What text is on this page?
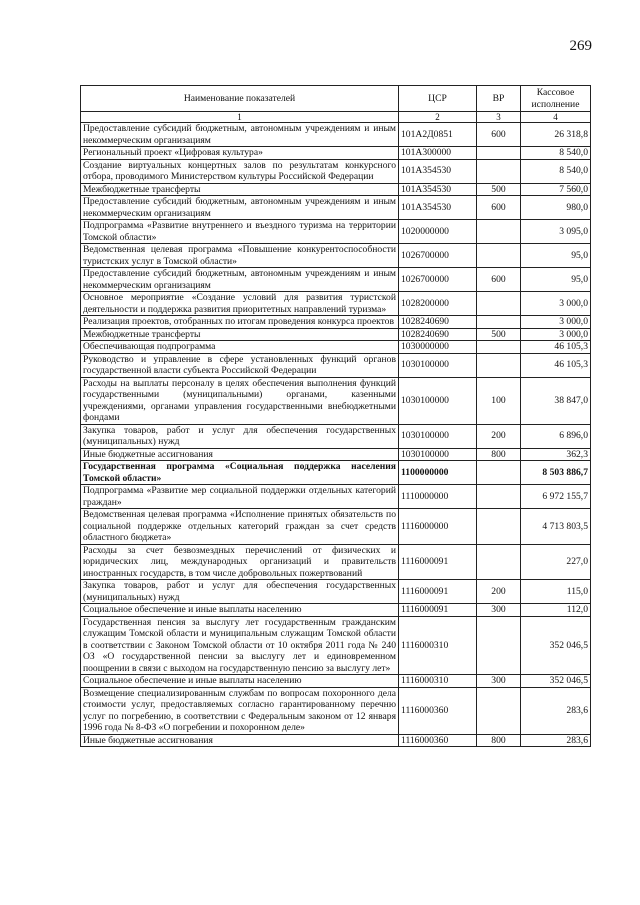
269
Наименование показателей	ЦСР	ВР	Кассовое исполнение
1	2	3	4
Предоставление субсидий бюджетным, автономным учреждениям и иным некоммерческим организациям	101A2Д0851	600	26 318,8
Региональный проект «Цифровая культура»	101A300000		8 540,0
Создание виртуальных концертных залов по результатам конкурсного отбора, проводимого Министерством культуры Российской Федерации	101A354530		8 540,0
Межбюджетные трансферты	101A354530	500	7 560,0
Предоставление субсидий бюджетным, автономным учреждениям и иным некоммерческим организациям	101A354530	600	980,0
Подпрограмма «Развитие внутреннего и въездного туризма на территории Томской области»	1020000000		3 095,0
Ведомственная целевая программа «Повышение конкурентоспособности туристских услуг в Томской области»	1026700000		95,0
Предоставление субсидий бюджетным, автономным учреждениям и иным некоммерческим организациям	1026700000	600	95,0
Основное мероприятие «Создание условий для развития туристской деятельности и поддержка развития приоритетных направлений туризма»	1028200000		3 000,0
Реализация проектов, отобранных по итогам проведения конкурса проектов	1028240690		3 000,0
Межбюджетные трансферты	1028240690	500	3 000,0
Обеспечивающая подпрограмма	1030000000		46 105,3
Руководство и управление в сфере установленных функций органов государственной власти субъекта Российской Федерации	1030100000		46 105,3
Расходы на выплаты персоналу в целях обеспечения выполнения функций государственными (муниципальными) органами, казенными учреждениями, органами управления государственными внебюджетными фондами	1030100000	100	38 847,0
Закупка товаров, работ и услуг для обеспечения государственных (муниципальных) нужд	1030100000	200	6 896,0
Иные бюджетные ассигнования	1030100000	800	362,3
Государственная программа «Социальная поддержка населения Томской области»	1100000000		8 503 886,7
Подпрограмма «Развитие мер социальной поддержки отдельных категорий граждан»	1110000000		6 972 155,7
Ведомственная целевая программа «Исполнение принятых обязательств по социальной поддержке отдельных категорий граждан за счет средств областного бюджета»	1116000000		4 713 803,5
Расходы за счет безвозмездных перечислений от физических и юридических лиц, международных организаций и правительств иностранных государств, в том числе добровольных пожертвований	1116000091		227,0
Закупка товаров, работ и услуг для обеспечения государственных (муниципальных) нужд	1116000091	200	115,0
Социальное обеспечение и иные выплаты населению	1116000091	300	112,0
Государственная пенсия за выслугу лет государственным гражданским служащим Томской области и муниципальным служащим Томской области в соответствии с Законом Томской области от 10 октября 2011 года № 240 ОЗ «О государственной пенсии за выслугу лет и единовременном поощрении в связи с выходом на государственную пенсию за выслугу лет»	1116000310		352 046,5
Социальное обеспечение и иные выплаты населению	1116000310	300	352 046,5
Возмещение специализированным службам по вопросам похоронного дела стоимости услуг, предоставляемых согласно гарантированному перечню услуг по погребению, в соответствии с Федеральным законом от 12 января 1996 года № 8-ФЗ «О погребении и похоронном деле»	1116000360		283,6
Иные бюджетные ассигнования	1116000360	800	283,6
